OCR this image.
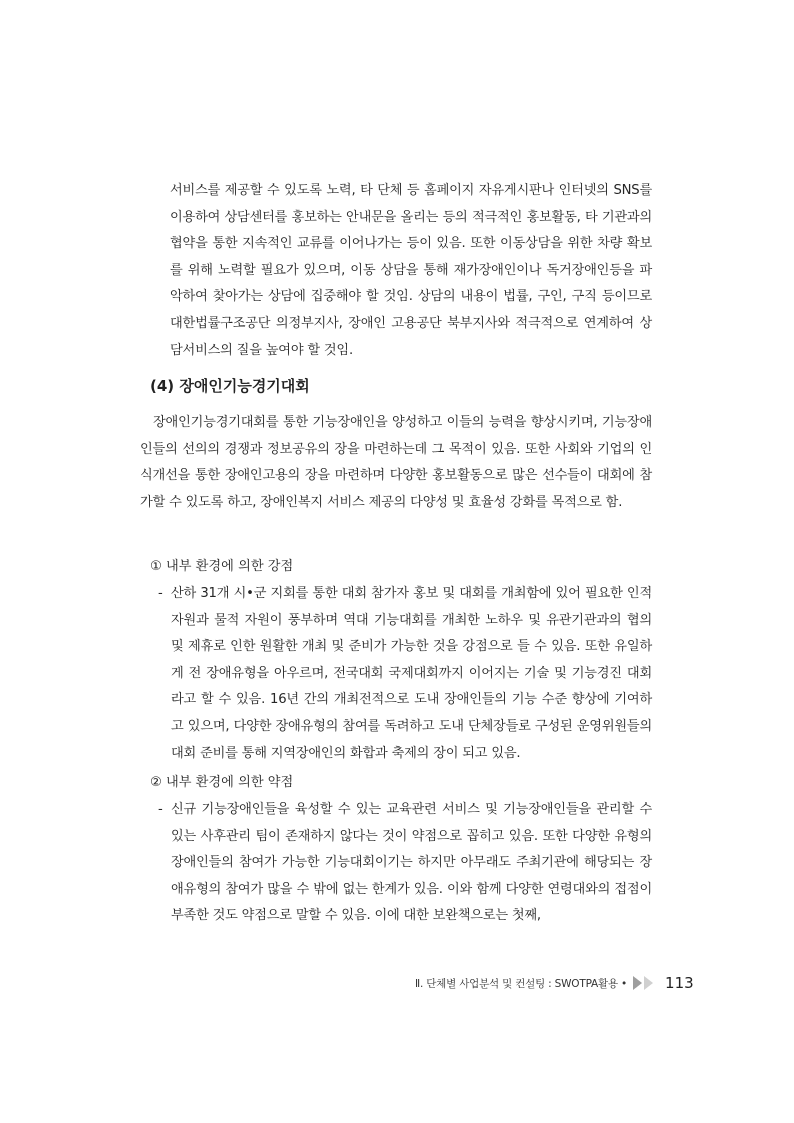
서비스를 제공할 수 있도록 노력, 타 단체 등 홈페이지 자유게시판나 인터넷의 SNS를 이용하여 상담센터를 홍보하는 안내문을 올리는 등의 적극적인 홍보활동, 타 기관과의 협약을 통한 지속적인 교류를 이어나가는 등이 있음. 또한 이동상담을 위한 차량 확보를 위해 노력할 필요가 있으며, 이동 상담을 통해 재가장애인이나 독거장애인등을 파악하여 찾아가는 상담에 집중해야 할 것임. 상담의 내용이 법률, 구인, 구직 등이므로 대한법률구조공단 의정부지사, 장애인 고용공단 북부지사와 적극적으로 연계하여 상담서비스의 질을 높여야 할 것임.

(4) 장애인기능경기대회

장애인기능경기대회를 통한 기능장애인을 양성하고 이들의 능력을 향상시키며, 기능장애인들의 선의의 경쟁과 정보공유의 장을 마련하는데 그 목적이 있음. 또한 사회와 기업의 인식개선을 통한 장애인고용의 장을 마련하며 다양한 홍보활동으로 많은 선수들이 대회에 참가할 수 있도록 하고, 장애인복지 서비스 제공의 다양성 및 효율성 강화를 목적으로 함.

① 내부 환경에 의한 강점

- 산하 31개 시•군 지회를 통한 대회 참가자 홍보 및 대회를 개최함에 있어 필요한 인적자원과 물적 자원이 풍부하며 역대 기능대회를 개최한 노하우 및 유관기관과의 협의 및 제휴로 인한 원활한 개최 및 준비가 가능한 것을 강점으로 들 수 있음. 또한 유일하게 전 장애유형을 아우르며, 전국대회 국제대회까지 이어지는 기술 및 기능경진 대회라고 할 수 있음. 16년 간의 개최전적으로 도내 장애인들의 기능 수준 향상에 기여하고 있으며, 다양한 장애유형의 참여를 독려하고 도내 단체장들로 구성된 운영위원들의 대회 준비를 통해 지역장애인의 화합과 축제의 장이 되고 있음.

② 내부 환경에 의한 약점

- 신규 기능장애인들을 육성할 수 있는 교육관련 서비스 및 기능장애인들을 관리할 수 있는 사후관리 팀이 존재하지 않다는 것이 약점으로 꼽히고 있음. 또한 다양한 유형의 장애인들의 참여가 가능한 기능대회이기는 하지만 아무래도 주최기관에 해당되는 장애유형의 참여가 많을 수 밖에 없는 한계가 있음. 이와 함께 다양한 연령대와의 접점이 부족한 것도 약점으로 말할 수 있음. 이에 대한 보완책으로는 첫째,
Ⅱ. 단체별 사업분석 및 컨설팅 : SWOTPA활용 •	113
